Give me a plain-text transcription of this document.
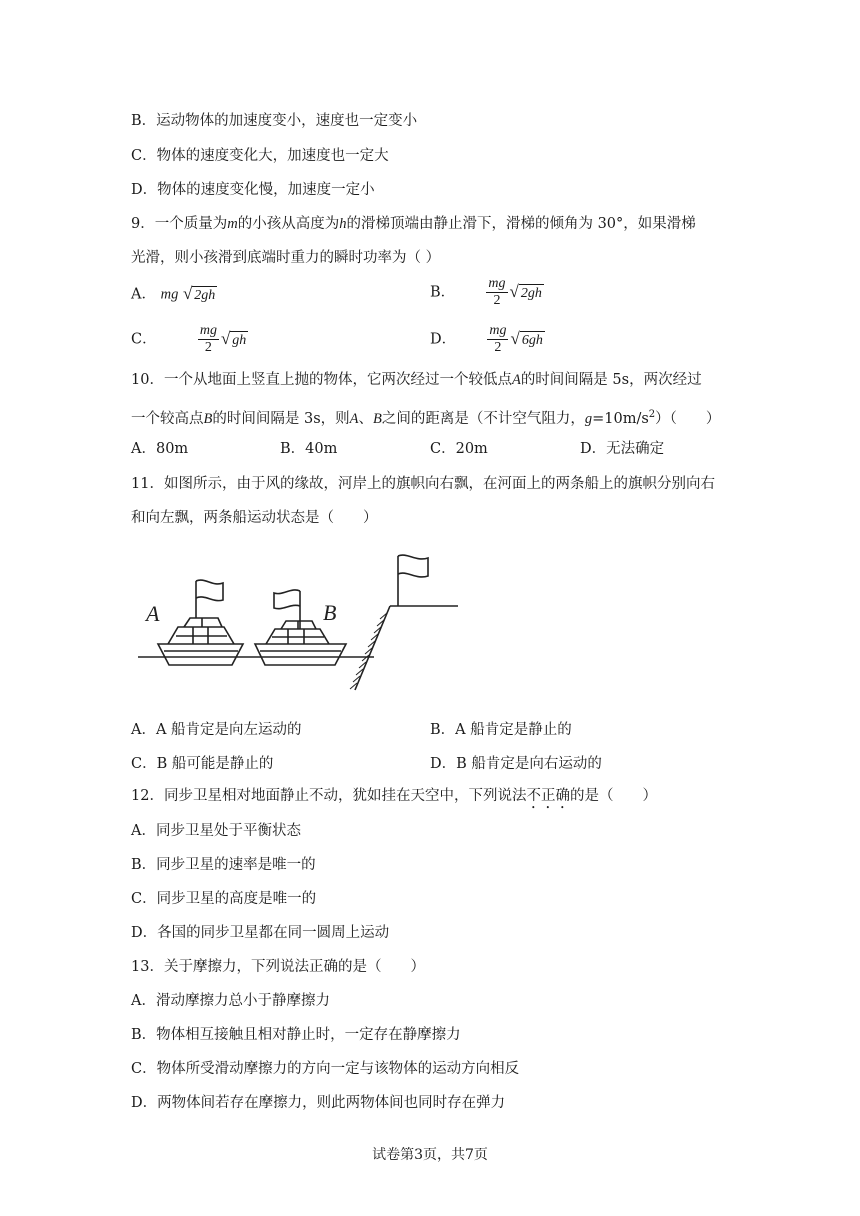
B．运动物体的加速度变小，速度也一定变小
C．物体的速度变化大，加速度也一定大
D．物体的速度变化慢，加速度一定小
9．一个质量为m的小孩从高度为h的滑梯顶端由静止滑下，滑梯的倾角为 30°，如果滑梯
光滑，则小孩滑到底端时重力的瞬时功率为（ ）
A． mg √ 2gh	B． $\frac{mg}{2}$ √ 2gh
C．	$\frac{mg}{2}$ √ gh	D． $\frac{mg}{2}$ √ 6gh
10．一个从地面上竖直上抛的物体，它两次经过一个较低点A的时间间隔是 5s，两次经过
一个较高点B的时间间隔是 3s，则A、B之间的距离是（不计空气阻力，$g=10m/s^2$）（　　）
A．80m	B．40m	C．20m	D．无法确定
11．如图所示，由于风的缘故，河岸上的旗帜向右飘，在河面上的两条船上的旗帜分别向右
和向左飘，两条船运动状态是（　　）
A	B
A．A 船肯定是向左运动的	B．A 船肯定是静止的
C．B 船可能是静止的	D．B 船肯定是向右运动的
12．同步卫星相对地面静止不动，犹如挂在天空中，下列说法不正确的是（　　）
A．同步卫星处于平衡状态
B．同步卫星的速率是唯一的
C．同步卫星的高度是唯一的
D．各国的同步卫星都在同一圆周上运动
13．关于摩擦力，下列说法正确的是（　　）
A．滑动摩擦力总小于静摩擦力
B．物体相互接触且相对静止时，一定存在静摩擦力
C．物体所受滑动摩擦力的方向一定与该物体的运动方向相反
D．两物体间若存在摩擦力，则此两物体间也同时存在弹力
试卷第3页，共7页
